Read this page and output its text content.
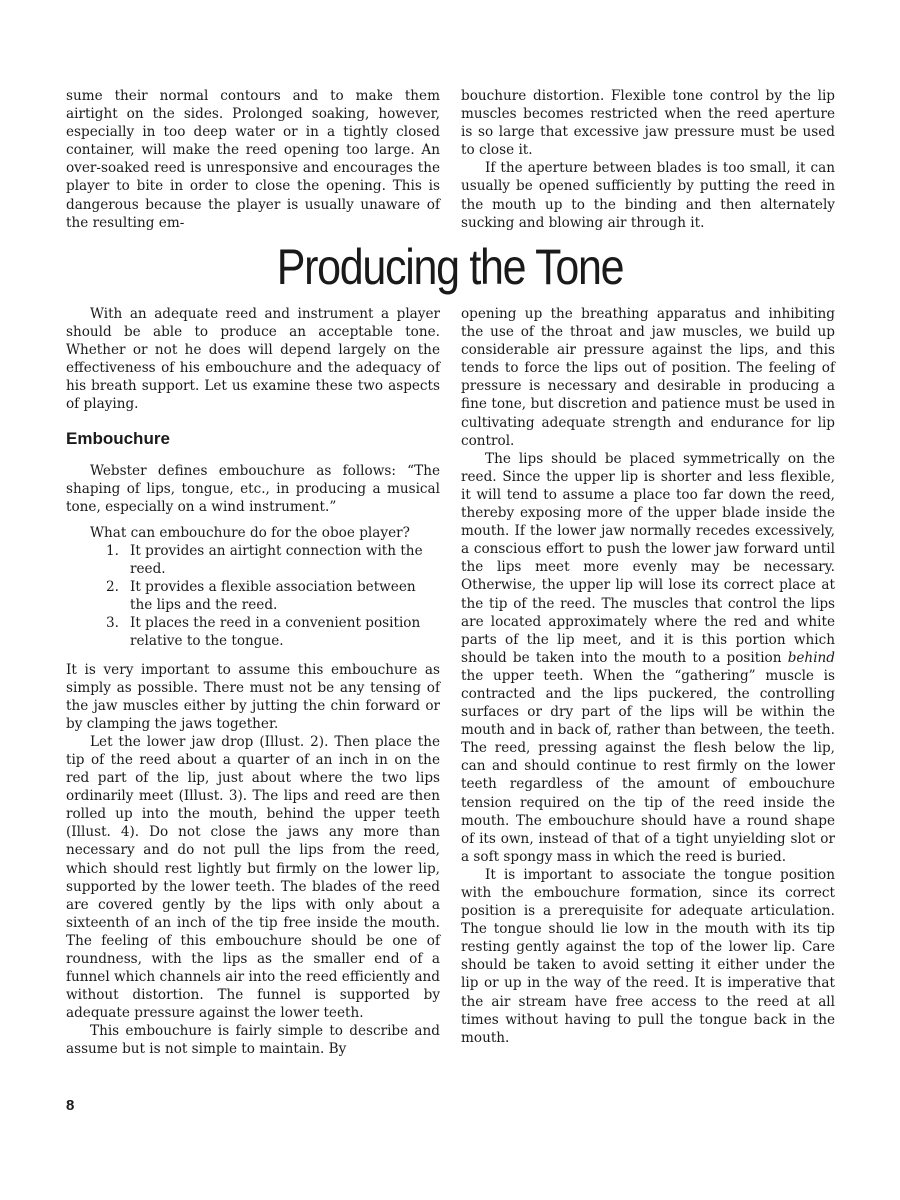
sume their normal contours and to make them airtight on the sides. Prolonged soaking, however, especially in too deep water or in a tightly closed container, will make the reed opening too large. An over-soaked reed is unresponsive and encourages the player to bite in order to close the opening. This is dangerous because the player is usually unaware of the resulting em-

bouchure distortion. Flexible tone control by the lip muscles becomes restricted when the reed aperture is so large that excessive jaw pressure must be used to close it.

If the aperture between blades is too small, it can usually be opened sufficiently by putting the reed in the mouth up to the binding and then alternately sucking and blowing air through it.

Producing the Tone

With an adequate reed and instrument a player should be able to produce an acceptable tone. Whether or not he does will depend largely on the effectiveness of his embouchure and the adequacy of his breath support. Let us examine these two aspects of playing.

Embouchure

Webster defines embouchure as follows: “The shaping of lips, tongue, etc., in producing a musical tone, especially on a wind instrument.”

What can embouchure do for the oboe player?

1. It provides an airtight connection with the reed.
2. It provides a flexible association between the lips and the reed.
3. It places the reed in a convenient position relative to the tongue.

It is very important to assume this embouchure as simply as possible. There must not be any tensing of the jaw muscles either by jutting the chin forward or by clamping the jaws together.

Let the lower jaw drop (Illust. 2). Then place the tip of the reed about a quarter of an inch in on the red part of the lip, just about where the two lips ordinarily meet (Illust. 3). The lips and reed are then rolled up into the mouth, behind the upper teeth (Illust. 4). Do not close the jaws any more than necessary and do not pull the lips from the reed, which should rest lightly but firmly on the lower lip, supported by the lower teeth. The blades of the reed are covered gently by the lips with only about a sixteenth of an inch of the tip free inside the mouth. The feeling of this embouchure should be one of roundness, with the lips as the smaller end of a funnel which channels air into the reed efficiently and without distortion. The funnel is supported by adequate pressure against the lower teeth.

This embouchure is fairly simple to describe and assume but is not simple to maintain. By

opening up the breathing apparatus and inhibiting the use of the throat and jaw muscles, we build up considerable air pressure against the lips, and this tends to force the lips out of position. The feeling of pressure is necessary and desirable in producing a fine tone, but discretion and patience must be used in cultivating adequate strength and endurance for lip control.

The lips should be placed symmetrically on the reed. Since the upper lip is shorter and less flexible, it will tend to assume a place too far down the reed, thereby exposing more of the upper blade inside the mouth. If the lower jaw normally recedes excessively, a conscious effort to push the lower jaw forward until the lips meet more evenly may be necessary. Otherwise, the upper lip will lose its correct place at the tip of the reed. The muscles that control the lips are located approximately where the red and white parts of the lip meet, and it is this portion which should be taken into the mouth to a position behind the upper teeth. When the “gathering” muscle is contracted and the lips puckered, the controlling surfaces or dry part of the lips will be within the mouth and in back of, rather than between, the teeth. The reed, pressing against the flesh below the lip, can and should continue to rest firmly on the lower teeth regardless of the amount of embouchure tension required on the tip of the reed inside the mouth. The embouchure should have a round shape of its own, instead of that of a tight unyielding slot or a soft spongy mass in which the reed is buried.

It is important to associate the tongue position with the embouchure formation, since its correct position is a prerequisite for adequate articulation. The tongue should lie low in the mouth with its tip resting gently against the top of the lower lip. Care should be taken to avoid setting it either under the lip or up in the way of the reed. It is imperative that the air stream have free access to the reed at all times without having to pull the tongue back in the mouth.

8
